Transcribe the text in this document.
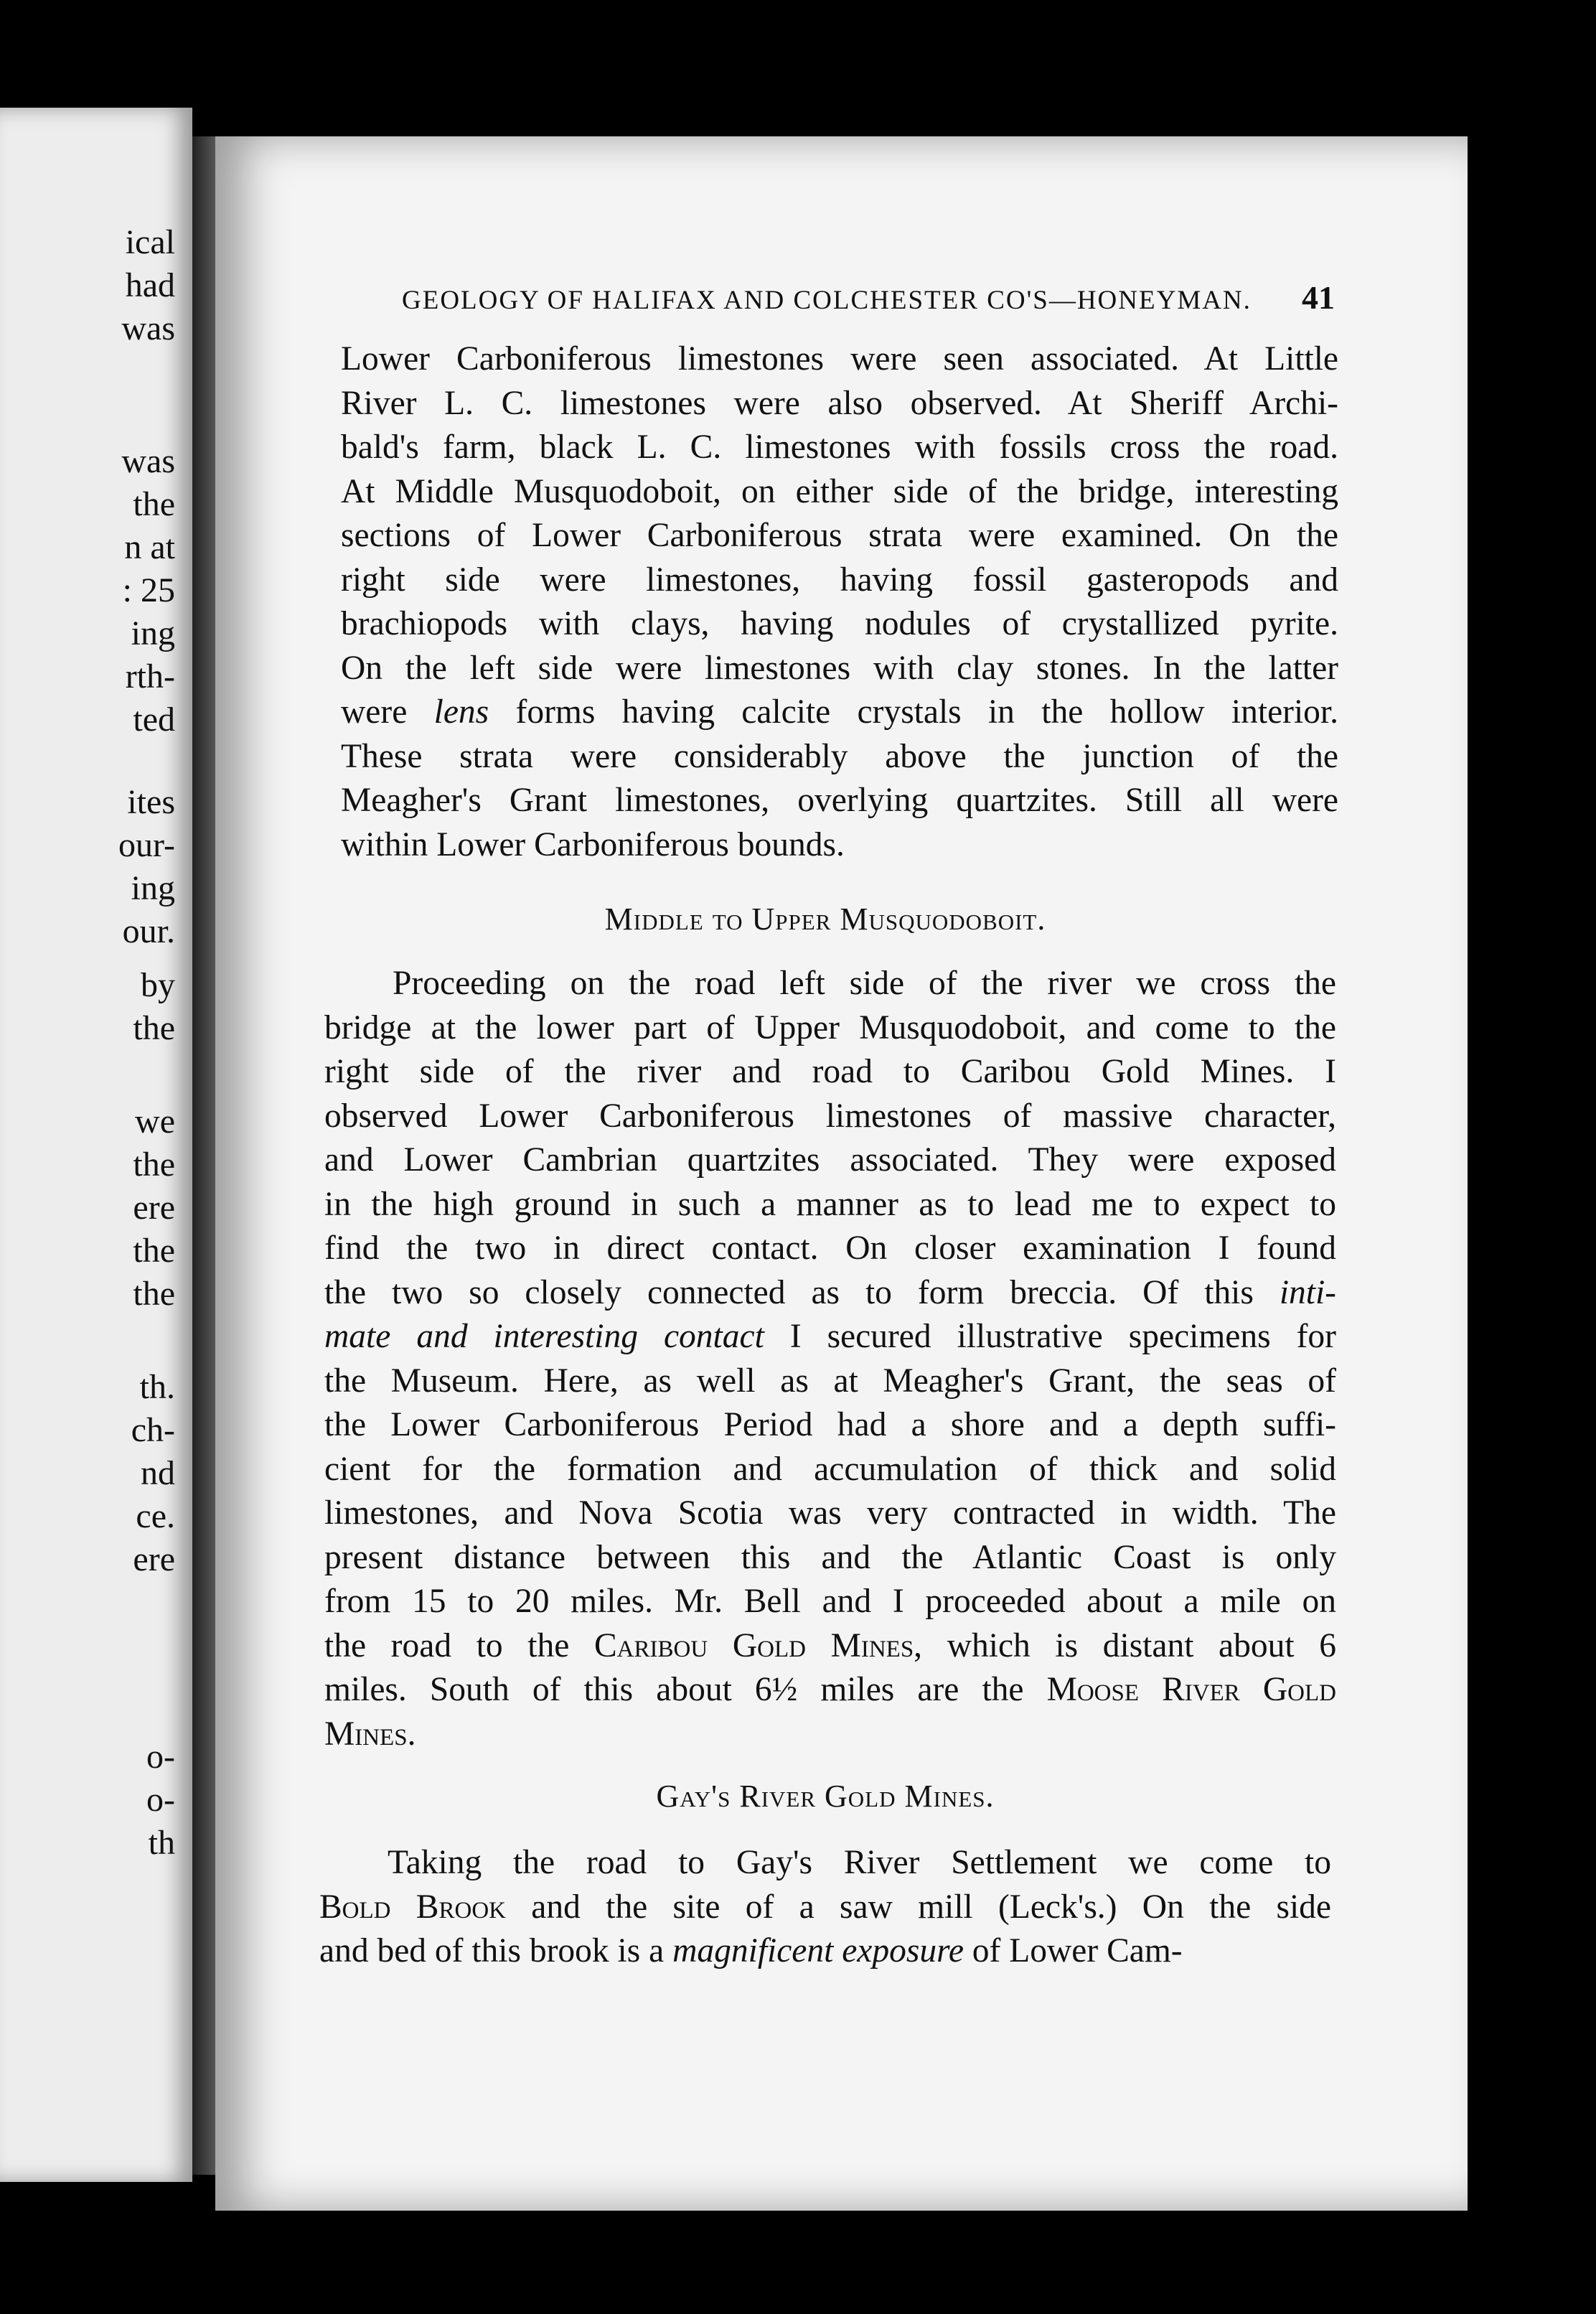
ical
had
was
was
the
n at
: 25
ing
rth-
ted
ites
our-
ing
our.
by
the
we
the
ere
the
the
th.
ch-
nd
ce.
ere
o-
o-
th
GEOLOGY OF HALIFAX AND COLCHESTER CO'S—HONEYMAN. 41
Lower Carboniferous limestones were seen associated. At Little
River L. C. limestones were also observed. At Sheriff Archi-
bald's farm, black L. C. limestones with fossils cross the road.
At Middle Musquodoboit, on either side of the bridge, interesting
sections of Lower Carboniferous strata were examined. On the
right side were limestones, having fossil gasteropods and
brachiopods with clays, having nodules of crystallized pyrite.
On the left side were limestones with clay stones. In the latter
were lens forms having calcite crystals in the hollow interior.
These strata were considerably above the junction of the
Meagher's Grant limestones, overlying quartzites. Still all were
within Lower Carboniferous bounds.
Middle to Upper Musquodoboit.
Proceeding on the road left side of the river we cross the
bridge at the lower part of Upper Musquodoboit, and come to the
right side of the river and road to Caribou Gold Mines. I
observed Lower Carboniferous limestones of massive character,
and Lower Cambrian quartzites associated. They were exposed
in the high ground in such a manner as to lead me to expect to
find the two in direct contact. On closer examination I found
the two so closely connected as to form breccia. Of this inti-
mate and interesting contact I secured illustrative specimens for
the Museum. Here, as well as at Meagher's Grant, the seas of
the Lower Carboniferous Period had a shore and a depth suffi-
cient for the formation and accumulation of thick and solid
limestones, and Nova Scotia was very contracted in width. The
present distance between this and the Atlantic Coast is only
from 15 to 20 miles. Mr. Bell and I proceeded about a mile on
the road to the Caribou Gold Mines, which is distant about 6
miles. South of this about 6½ miles are the Moose River Gold
Mines.
Gay's River Gold Mines.
Taking the road to Gay's River Settlement we come to
Bold Brook and the site of a saw mill (Leck's.) On the side
and bed of this brook is a magnificent exposure of Lower Cam-
